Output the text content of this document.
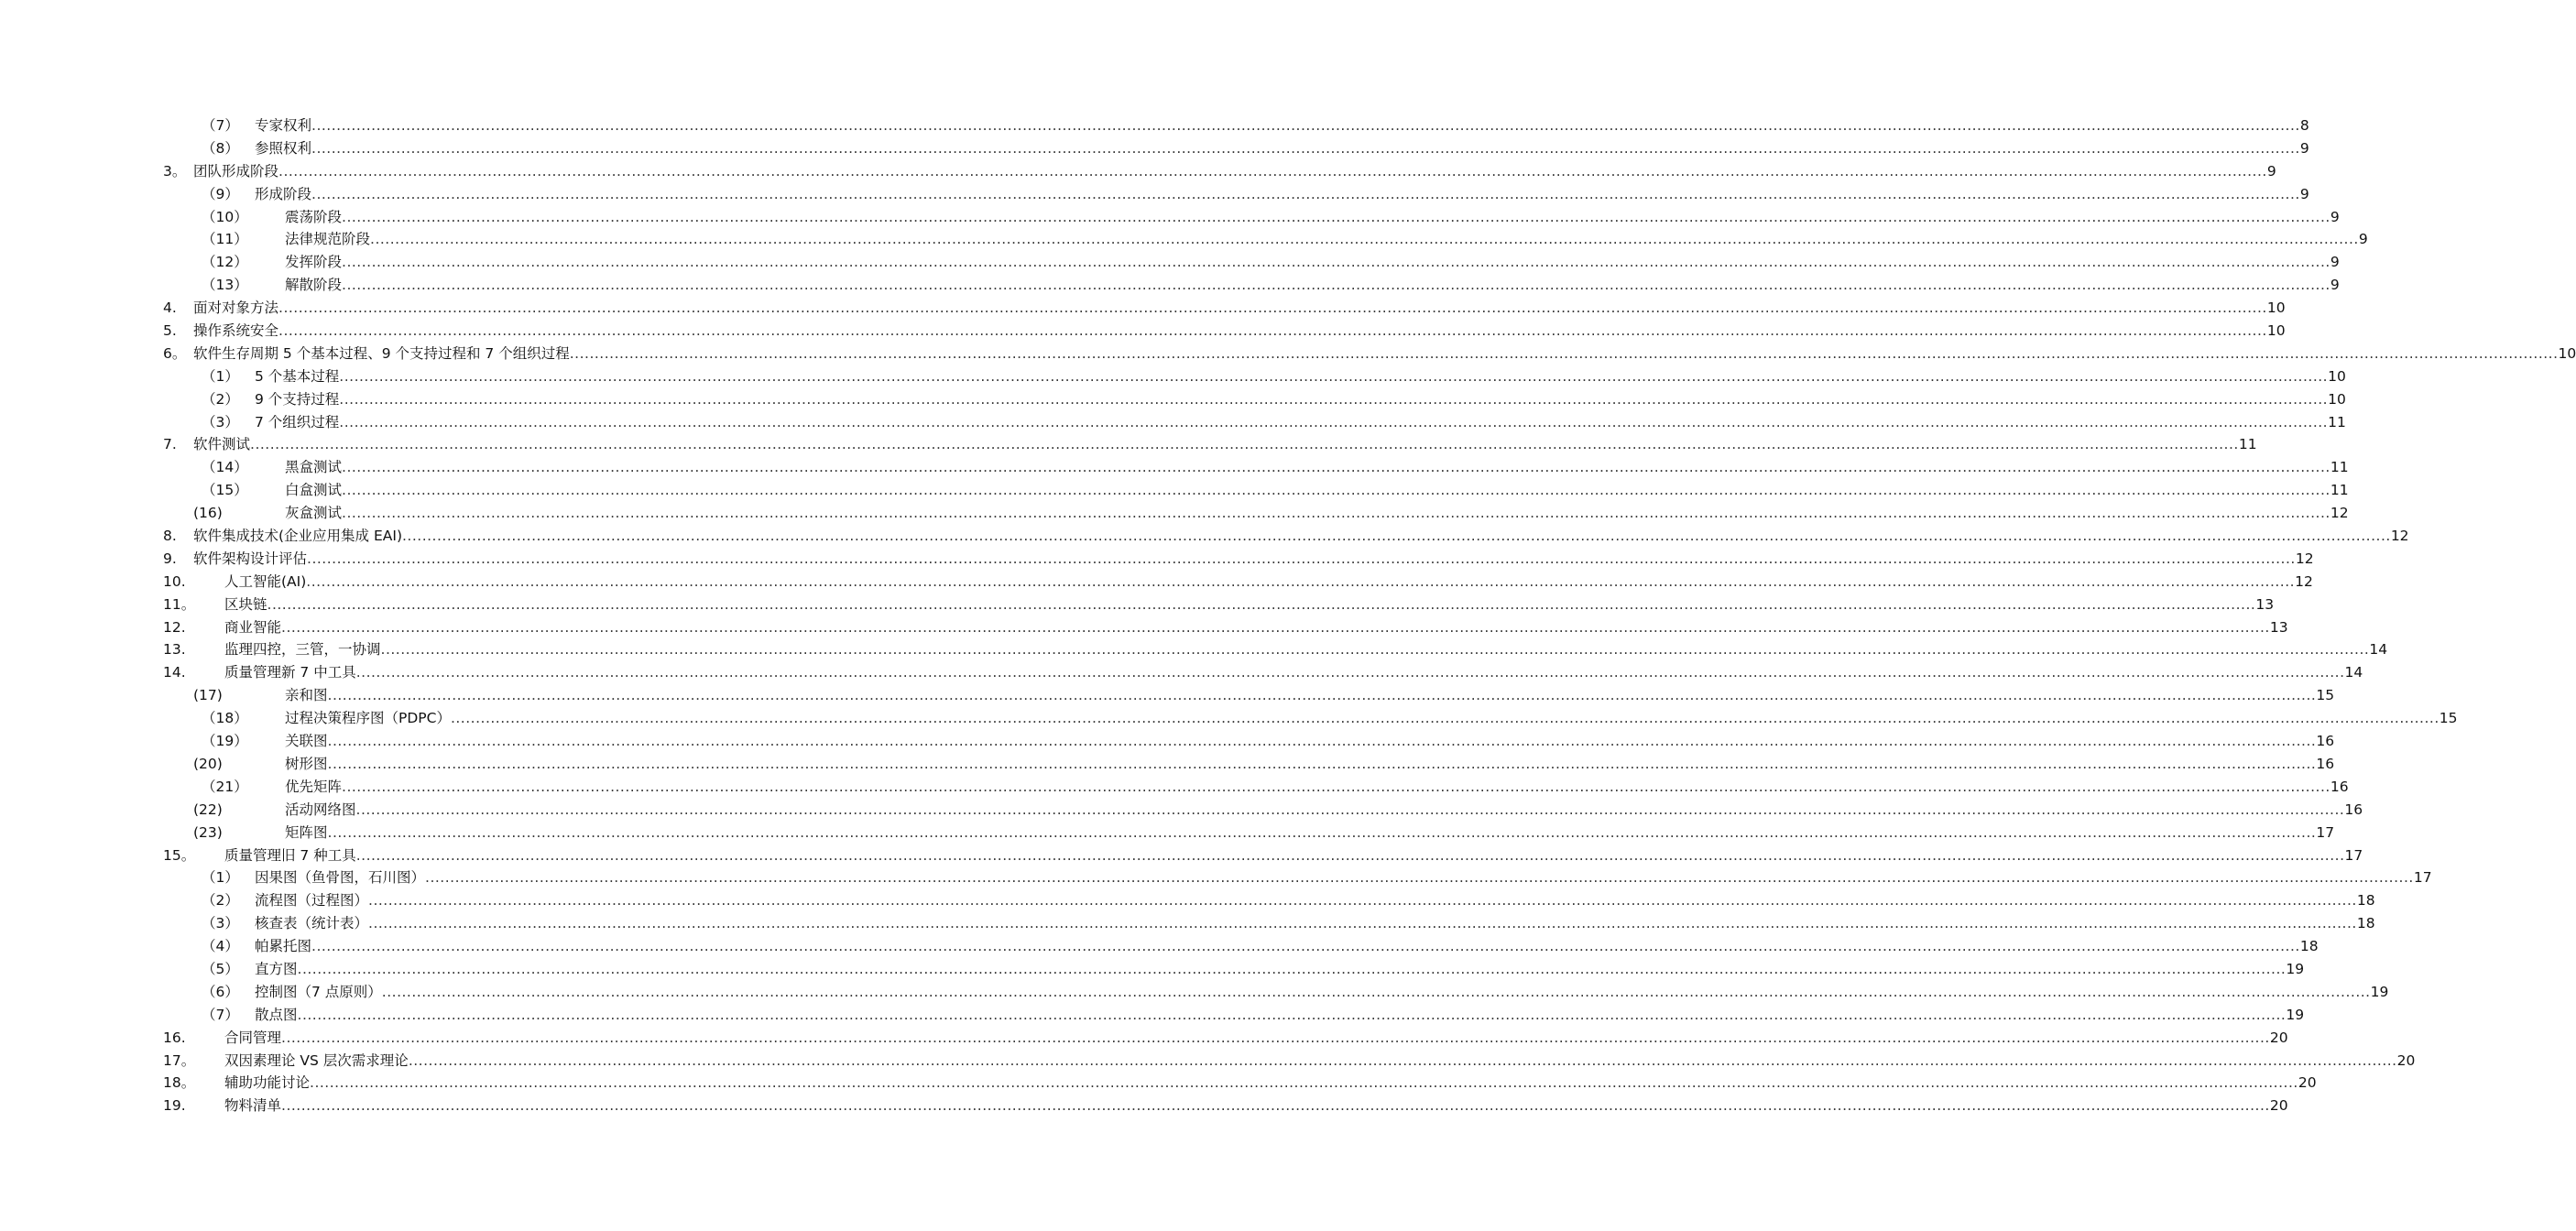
（7） 专家权利 ................................................................................................................................................................................................................................................................................................................................................................................................................ 8
（8） 参照权利 ................................................................................................................................................................................................................................................................................................................................................................................................................ 9
3。 团队形成阶段 ................................................................................................................................................................................................................................................................................................................................................................................................................ 9
（9） 形成阶段 ................................................................................................................................................................................................................................................................................................................................................................................................................ 9
（10）	震荡阶段 ................................................................................................................................................................................................................................................................................................................................................................................................................ 9
（11）	法律规范阶段 ................................................................................................................................................................................................................................................................................................................................................................................................................ 9
（12）	发挥阶段 ................................................................................................................................................................................................................................................................................................................................................................................................................ 9
（13）	解散阶段 ................................................................................................................................................................................................................................................................................................................................................................................................................ 9
4. 面对对象方法 ................................................................................................................................................................................................................................................................................................................................................................................................................ 10
5. 操作系统安全 ................................................................................................................................................................................................................................................................................................................................................................................................................ 10
6。 软件生存周期 5 个基本过程、9 个支持过程和 7 个组织过程 ................................................................................................................................................................................................................................................................................................................................................................................................................ 10
（1） 5 个基本过程 ................................................................................................................................................................................................................................................................................................................................................................................................................ 10
（2） 9 个支持过程 ................................................................................................................................................................................................................................................................................................................................................................................................................ 10
（3） 7 个组织过程 ................................................................................................................................................................................................................................................................................................................................................................................................................ 11
7. 软件测试 ................................................................................................................................................................................................................................................................................................................................................................................................................ 11
（14）	黑盒测试 ................................................................................................................................................................................................................................................................................................................................................................................................................ 11
（15）	白盒测试 ................................................................................................................................................................................................................................................................................................................................................................................................................ 11
(16)	灰盒测试 ................................................................................................................................................................................................................................................................................................................................................................................................................ 12
8. 软件集成技术(企业应用集成 EAI) ................................................................................................................................................................................................................................................................................................................................................................................................................ 12
9. 软件架构设计评估 ................................................................................................................................................................................................................................................................................................................................................................................................................ 12
10.	人工智能(AI) ................................................................................................................................................................................................................................................................................................................................................................................................................ 12
11。 区块链 ................................................................................................................................................................................................................................................................................................................................................................................................................ 13
12.	商业智能 ................................................................................................................................................................................................................................................................................................................................................................................................................ 13
13.	监理四控，三管，一协调 ................................................................................................................................................................................................................................................................................................................................................................................................................ 14
14.	质量管理新 7 中工具 ................................................................................................................................................................................................................................................................................................................................................................................................................ 14
(17)	亲和图 ................................................................................................................................................................................................................................................................................................................................................................................................................ 15
（18）	过程决策程序图（PDPC） ................................................................................................................................................................................................................................................................................................................................................................................................................ 15
（19）	关联图 ................................................................................................................................................................................................................................................................................................................................................................................................................ 16
(20)	树形图 ................................................................................................................................................................................................................................................................................................................................................................................................................ 16
（21）	优先矩阵 ................................................................................................................................................................................................................................................................................................................................................................................................................ 16
(22)	活动网络图 ................................................................................................................................................................................................................................................................................................................................................................................................................ 16
(23)	矩阵图 ................................................................................................................................................................................................................................................................................................................................................................................................................ 17
15。 质量管理旧 7 种工具 ................................................................................................................................................................................................................................................................................................................................................................................................................ 17
（1） 因果图（鱼骨图，石川图） ................................................................................................................................................................................................................................................................................................................................................................................................................ 17
（2） 流程图（过程图） ................................................................................................................................................................................................................................................................................................................................................................................................................ 18
（3） 核查表（统计表） ................................................................................................................................................................................................................................................................................................................................................................................................................ 18
（4） 帕累托图 ................................................................................................................................................................................................................................................................................................................................................................................................................ 18
（5） 直方图 ................................................................................................................................................................................................................................................................................................................................................................................................................ 19
（6） 控制图（7 点原则） ................................................................................................................................................................................................................................................................................................................................................................................................................ 19
（7） 散点图 ................................................................................................................................................................................................................................................................................................................................................................................................................ 19
16.	合同管理 ................................................................................................................................................................................................................................................................................................................................................................................................................ 20
17。 双因素理论 VS 层次需求理论 ................................................................................................................................................................................................................................................................................................................................................................................................................ 20
18。 辅助功能讨论 ................................................................................................................................................................................................................................................................................................................................................................................................................ 20
19.	物料清单 ................................................................................................................................................................................................................................................................................................................................................................................................................ 20
